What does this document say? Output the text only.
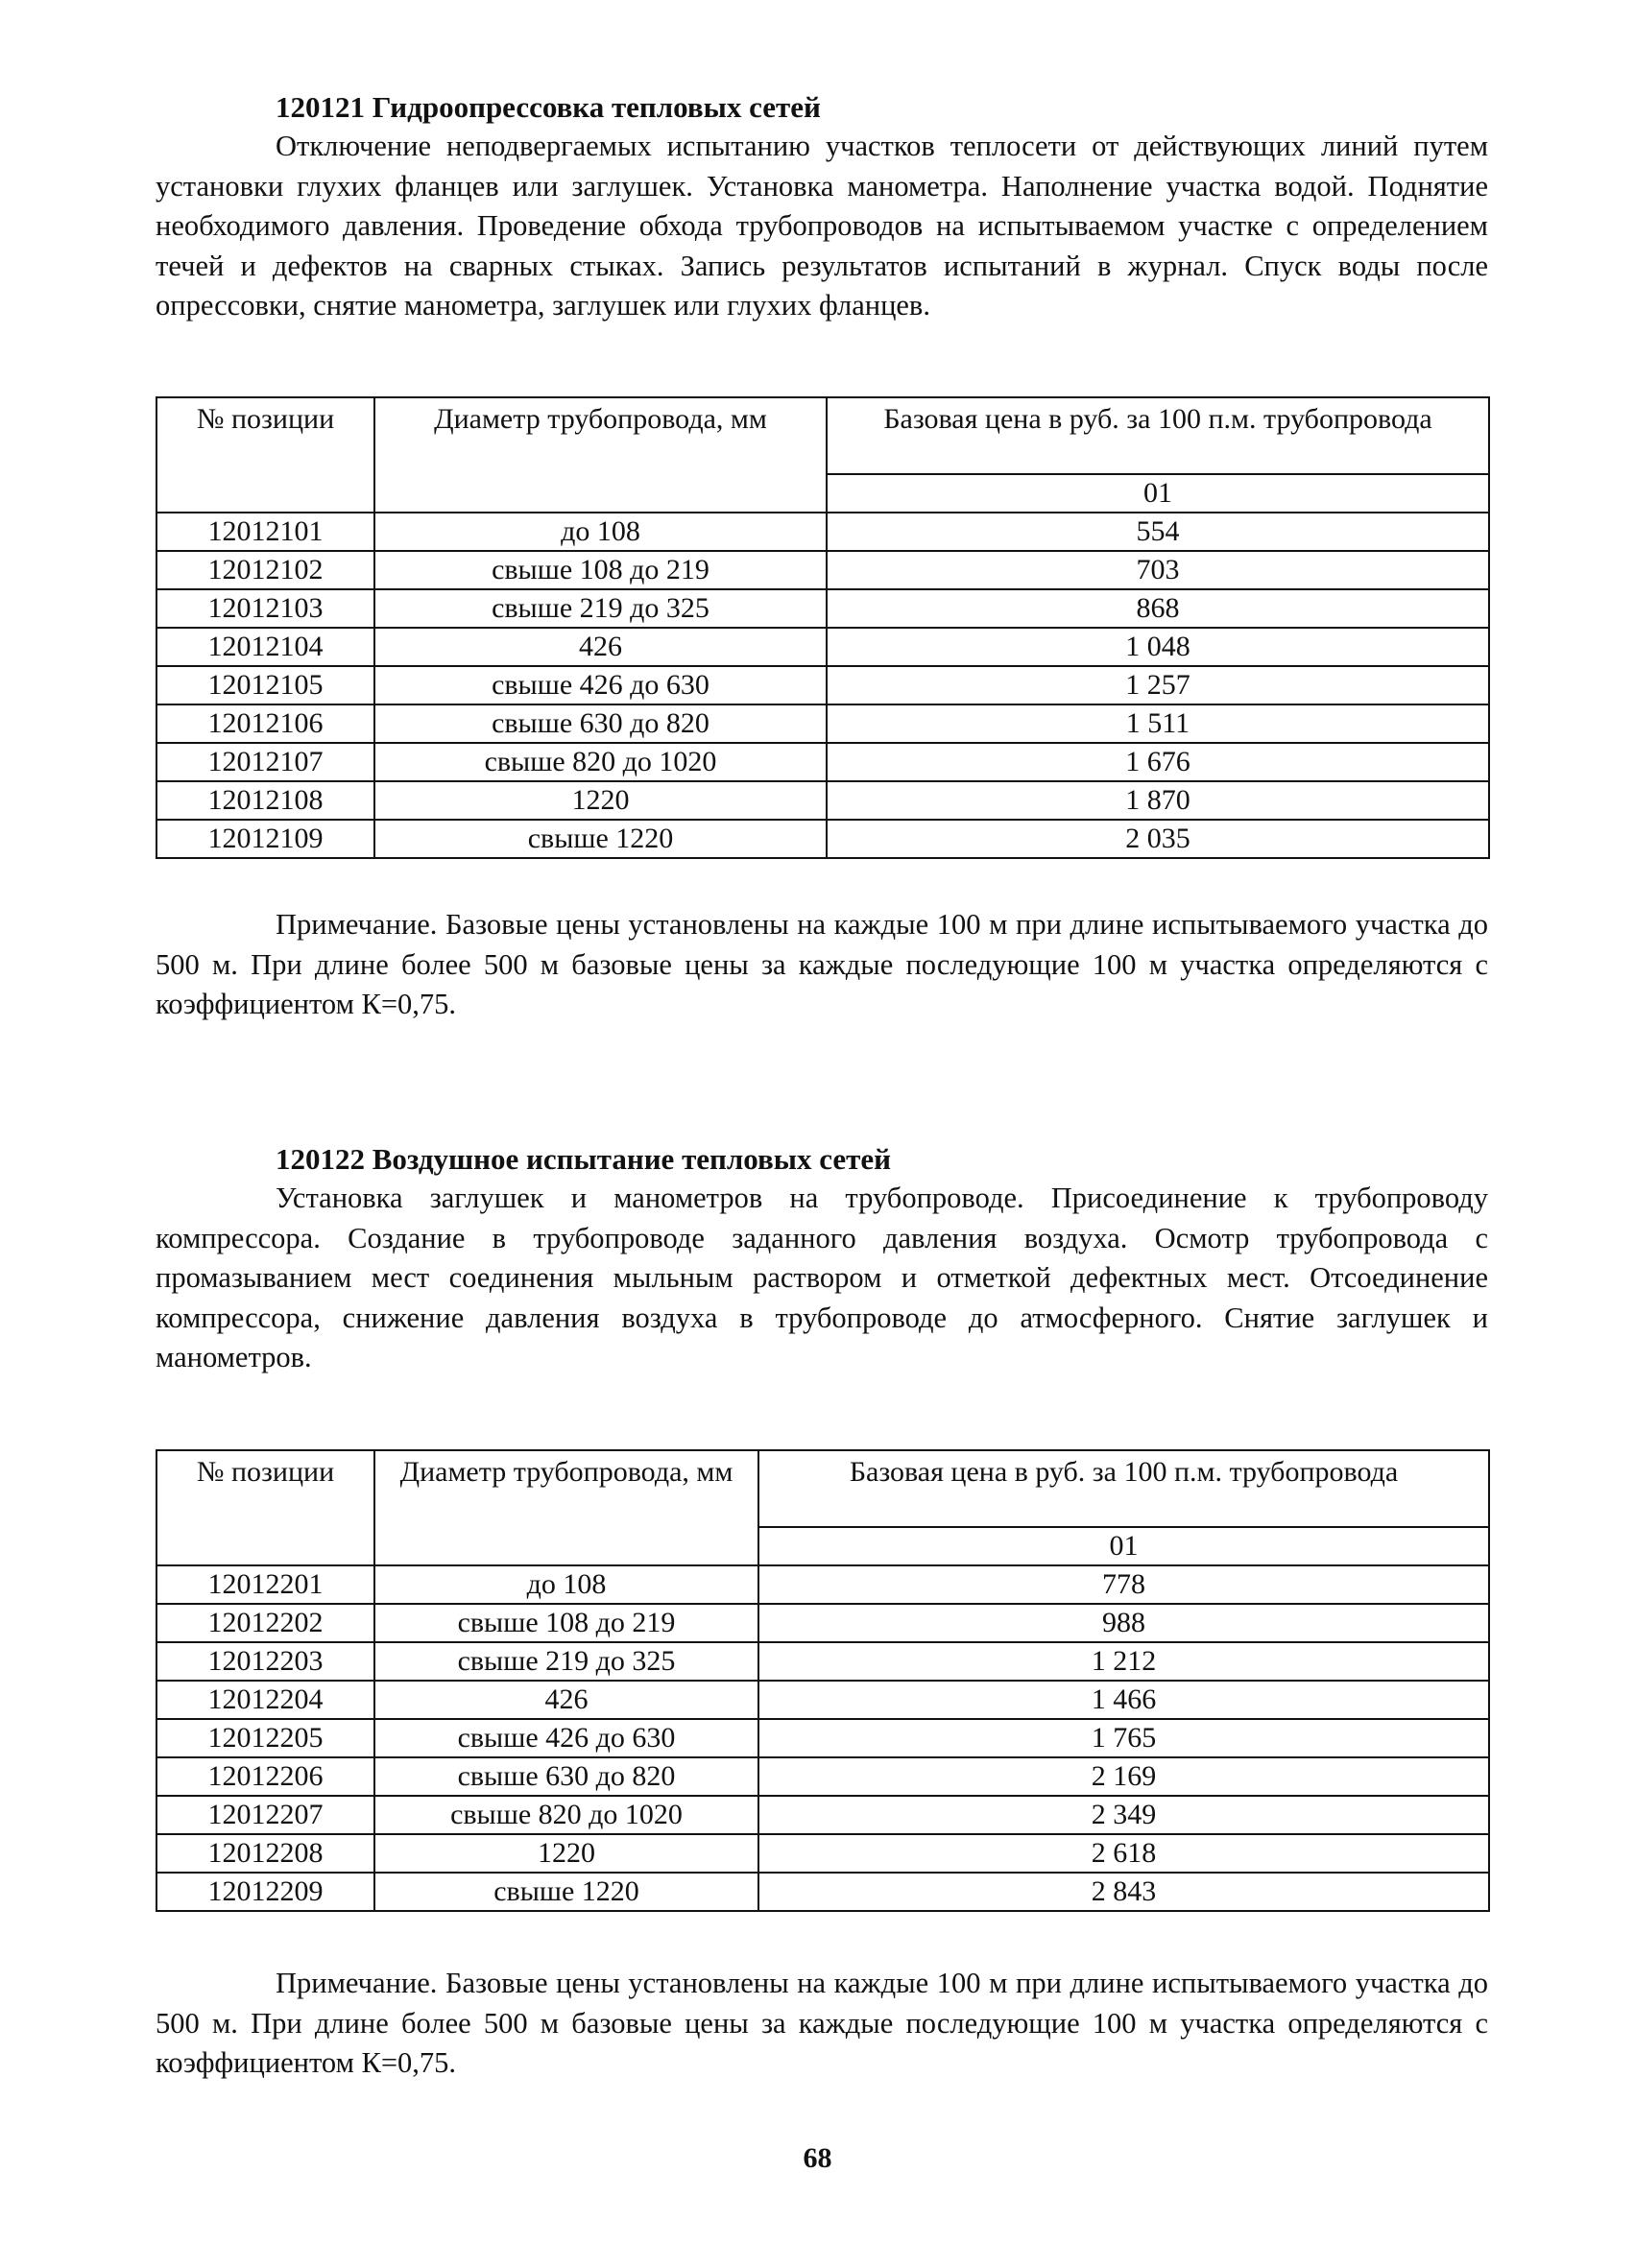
120121 Гидроопрессовка тепловых сетей

Отключение неподвергаемых испытанию участков теплосети от действующих линий путем установки глухих фланцев или заглушек. Установка манометра. Наполнение участка водой. Поднятие необходимого давления. Проведение обхода трубопроводов на испытываемом участке с определением течей и дефектов на сварных стыках. Запись результатов испытаний в журнал. Спуск воды после опрессовки, снятие манометра, заглушек или глухих фланцев.

№ позиции	Диаметр трубопровода, мм	Базовая цена в руб. за 100 п.м. трубопровода
		01
12012101	до 108	554
12012102	свыше 108 до 219	703
12012103	свыше 219 до 325	868
12012104	426	1 048
12012105	свыше 426 до 630	1 257
12012106	свыше 630 до 820	1 511
12012107	свыше 820 до 1020	1 676
12012108	1220	1 870
12012109	свыше 1220	2 035

Примечание. Базовые цены установлены на каждые 100 м при длине испытываемого участка до 500 м. При длине более 500 м базовые цены за каждые последующие 100 м участка определяются с коэффициентом К=0,75.

120122 Воздушное испытание тепловых сетей

Установка заглушек и манометров на трубопроводе. Присоединение к трубопроводу компрессора. Создание в трубопроводе заданного давления воздуха. Осмотр трубопровода с промазыванием мест соединения мыльным раствором и отметкой дефектных мест. Отсоединение компрессора, снижение давления воздуха в трубопроводе до атмосферного. Снятие заглушек и манометров.

№ позиции	Диаметр трубопровода, мм	Базовая цена в руб. за 100 п.м. трубопровода
		01
12012201	до 108	778
12012202	свыше 108 до 219	988
12012203	свыше 219 до 325	1 212
12012204	426	1 466
12012205	свыше 426 до 630	1 765
12012206	свыше 630 до 820	2 169
12012207	свыше 820 до 1020	2 349
12012208	1220	2 618
12012209	свыше 1220	2 843

Примечание. Базовые цены установлены на каждые 100 м при длине испытываемого участка до 500 м. При длине более 500 м базовые цены за каждые последующие 100 м участка определяются с коэффициентом К=0,75.

68
